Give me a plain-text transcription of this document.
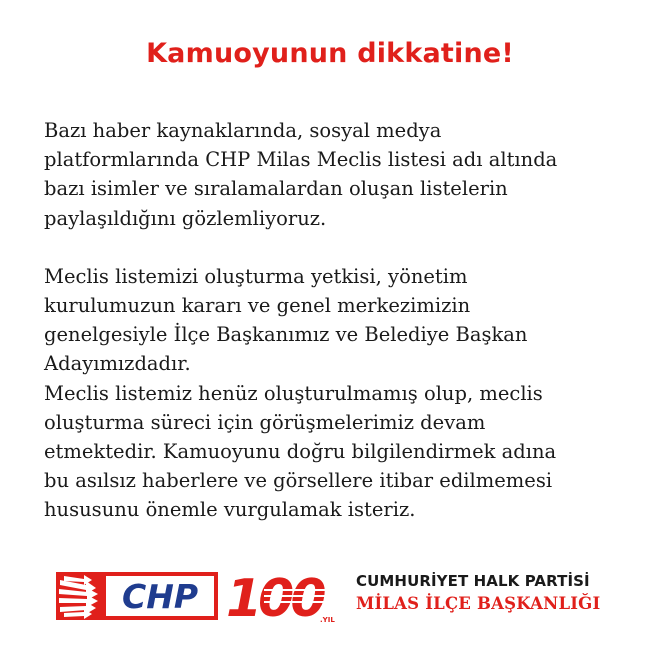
Kamuoyunun dikkatine!

Bazı haber kaynaklarında, sosyal medya
platformlarında CHP Milas Meclis listesi adı altında
bazı isimler ve sıralamalardan oluşan listelerin
paylaşıldığını gözlemliyoruz.

Meclis listemizi oluşturma yetkisi, yönetim
kurulumuzun kararı ve genel merkezimizin
genelgesiyle İlçe Başkanımız ve Belediye Başkan
Adayımızdadır.

Meclis listemiz henüz oluşturulmamış olup, meclis
oluşturma süreci için görüşmelerimiz devam
etmektedir. Kamuoyunu doğru bilgilendirmek adına
bu asılsız haberlere ve görsellere itibar edilmemesi
hususunu önemle vurgulamak isteriz.

CHP 100
.YIL
CUMHURİYET HALK PARTİSİ
MİLAS İLÇE BAŞKANLIĞI
